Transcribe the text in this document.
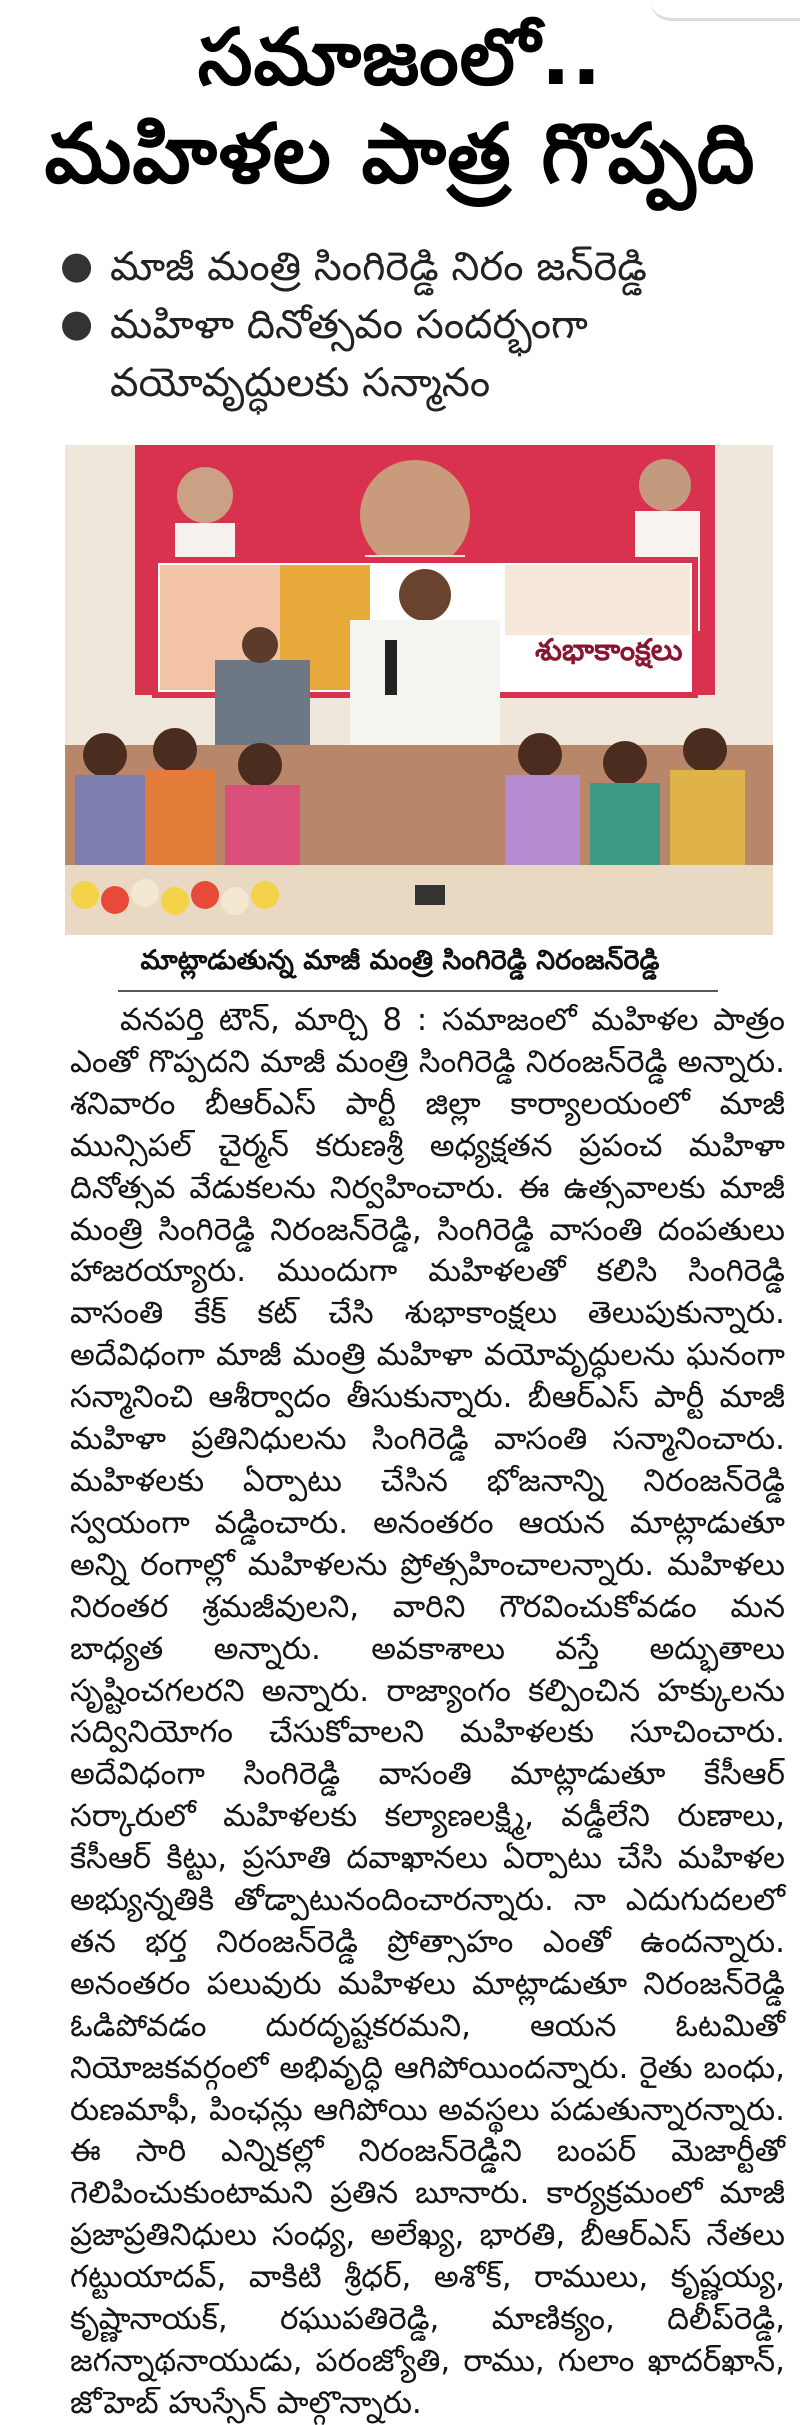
సమాజంలో..
మహిళల పాత్ర గొప్పది
● మాజీ మంత్రి సింగిరెడ్డి నిరం జన్‌రెడ్డి
● మహిళా దినోత్సవం సందర్భంగా వయోవృద్ధులకు సన్మానం
శుభాకాంక్షలు
మాట్లాడుతున్న మాజీ మంత్రి సింగిరెడ్డి నిరంజన్‌రెడ్డి

వనపర్తి టౌన్, మార్చి 8 : సమాజంలో మహిళల పాత్రం ఎంతో గొప్పదని మాజీ మంత్రి సింగిరెడ్డి నిరంజన్‌రెడ్డి అన్నారు. శనివారం బీఆర్‌ఎస్ పార్టీ జిల్లా కార్యాలయంలో మాజీ మున్సిపల్ చైర్మన్ కరుణశ్రీ అధ్యక్షతన ప్రపంచ మహిళా దినోత్సవ వేడుకలను నిర్వహించారు. ఈ ఉత్సవాలకు మాజీ మంత్రి సింగిరెడ్డి నిరంజన్‌రెడ్డి, సింగిరెడ్డి వాసంతి దంపతులు హాజరయ్యారు. ముందుగా మహిళలతో కలిసి సింగిరెడ్డి వాసంతి కేక్ కట్ చేసి శుభాకాంక్షలు తెలుపుకున్నారు. అదేవిధంగా మాజీ మంత్రి మహిళా వయోవృద్ధులను ఘనంగా సన్మానించి ఆశీర్వాదం తీసుకున్నారు. బీఆర్‌ఎస్ పార్టీ మాజీ మహిళా ప్రతినిధులను సింగిరెడ్డి వాసంతి సన్మానించారు. మహిళలకు ఏర్పాటు చేసిన భోజనాన్ని నిరంజన్‌రెడ్డి స్వయంగా వడ్డించారు. అనంతరం ఆయన మాట్లాడుతూ అన్ని రంగాల్లో మహిళలను ప్రోత్సహించాలన్నారు. మహిళలు నిరంతర శ్రమజీవులని, వారిని గౌరవించుకోవడం మన బాధ్యత అన్నారు. అవకాశాలు వస్తే అద్భుతాలు సృష్టించగలరని అన్నారు. రాజ్యాంగం కల్పించిన హక్కులను సద్వినియోగం చేసుకోవాలని మహిళలకు సూచించారు. అదేవిధంగా సింగిరెడ్డి వాసంతి మాట్లాడుతూ కేసీఆర్ సర్కారులో మహిళలకు కల్యాణలక్ష్మి, వడ్డీలేని రుణాలు, కేసీఆర్ కిట్టు, ప్రసూతి దవాఖానలు ఏర్పాటు చేసి మహిళల అభ్యున్నతికి తోడ్పాటునందించారన్నారు. నా ఎదుగుదలలో తన భర్త నిరంజన్‌రెడ్డి ప్రోత్సాహం ఎంతో ఉందన్నారు. అనంతరం పలువురు మహిళలు మాట్లాడుతూ నిరంజన్‌రెడ్డి ఓడిపోవడం దురదృష్టకరమని, ఆయన ఓటమితో నియోజకవర్గంలో అభివృద్ధి ఆగిపోయిందన్నారు. రైతు బంధు, రుణమాఫీ, పింఛన్లు ఆగిపోయి అవస్థలు పడుతున్నారన్నారు. ఈ సారి ఎన్నికల్లో నిరంజన్‌రెడ్డిని బంపర్ మెజార్టీతో గెలిపించుకుంటామని ప్రతిన బూనారు. కార్యక్రమంలో మాజీ ప్రజాప్రతినిధులు సంధ్య, అలేఖ్య, భారతి, బీఆర్‌ఎస్ నేతలు గట్టుయాదవ్, వాకిటి శ్రీధర్, అశోక్, రాములు, కృష్ణయ్య, కృష్ణానాయక్, రఘుపతిరెడ్డి, మాణిక్యం, దిలీప్‌రెడ్డి, జగన్నాథనాయుడు, పరంజ్యోతి, రాము, గులాం ఖాదర్‌ఖాన్, జోహెబ్ హుస్సేన్ పాల్గొన్నారు.
